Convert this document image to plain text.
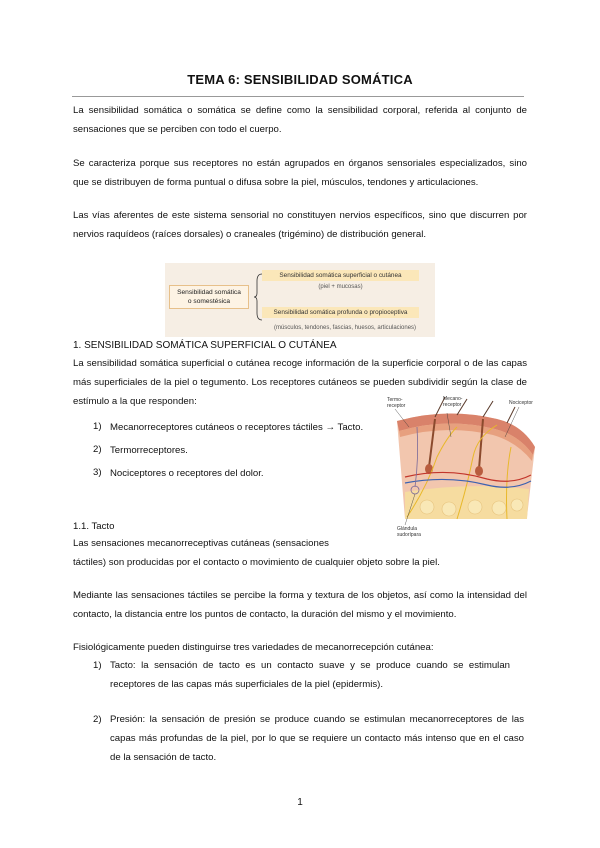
TEMA 6: SENSIBILIDAD SOMÁTICA
La sensibilidad somática o somática se define como la sensibilidad corporal, referida al conjunto de sensaciones que se perciben con todo el cuerpo.
Se caracteriza porque sus receptores no están agrupados en órganos sensoriales especializados, sino que se distribuyen de forma puntual o difusa sobre la piel, músculos, tendones y articulaciones.
Las vías aferentes de este sistema sensorial no constituyen nervios específicos, sino que discurren por nervios raquídeos (raíces dorsales) o craneales (trigémino) de distribución general.
Sensibilidad somática
o somestésica
Sensibilidad somática superficial o cutánea
(piel + mucosas)
Sensibilidad somática profunda o propioceptiva
(músculos, tendones, fascias, huesos, articulaciones)
1. SENSIBILIDAD SOMÁTICA SUPERFICIAL O CUTÁNEA
La sensibilidad somática superficial o cutánea recoge información de la superficie corporal o de las capas más superficiales de la piel o tegumento. Los receptores cutáneos se pueden subdividir según la clase de estímulo a la que responden:
1) Mecanorreceptores cutáneos o receptores táctiles → Tacto.
2) Termorreceptores.
3) Nociceptores o receptores del dolor.
Termo-
receptor
Mecano-
receptor	Nociceptor
Glándula
sudorípara
1.1. Tacto
Las sensaciones mecanorreceptivas cutáneas (sensaciones
táctiles) son producidas por el contacto o movimiento de cualquier objeto sobre la piel.
Mediante las sensaciones táctiles se percibe la forma y textura de los objetos, así como la intensidad del contacto, la distancia entre los puntos de contacto, la duración del mismo y el movimiento.
Fisiológicamente pueden distinguirse tres variedades de mecanorrecepción cutánea:
1) Tacto: la sensación de tacto es un contacto suave y se produce cuando se estimulan receptores de las capas más superficiales de la piel (epidermis).
2) Presión: la sensación de presión se produce cuando se estimulan mecanorreceptores de las capas más profundas de la piel, por lo que se requiere un contacto más intenso que en el caso de la sensación de tacto.
1
